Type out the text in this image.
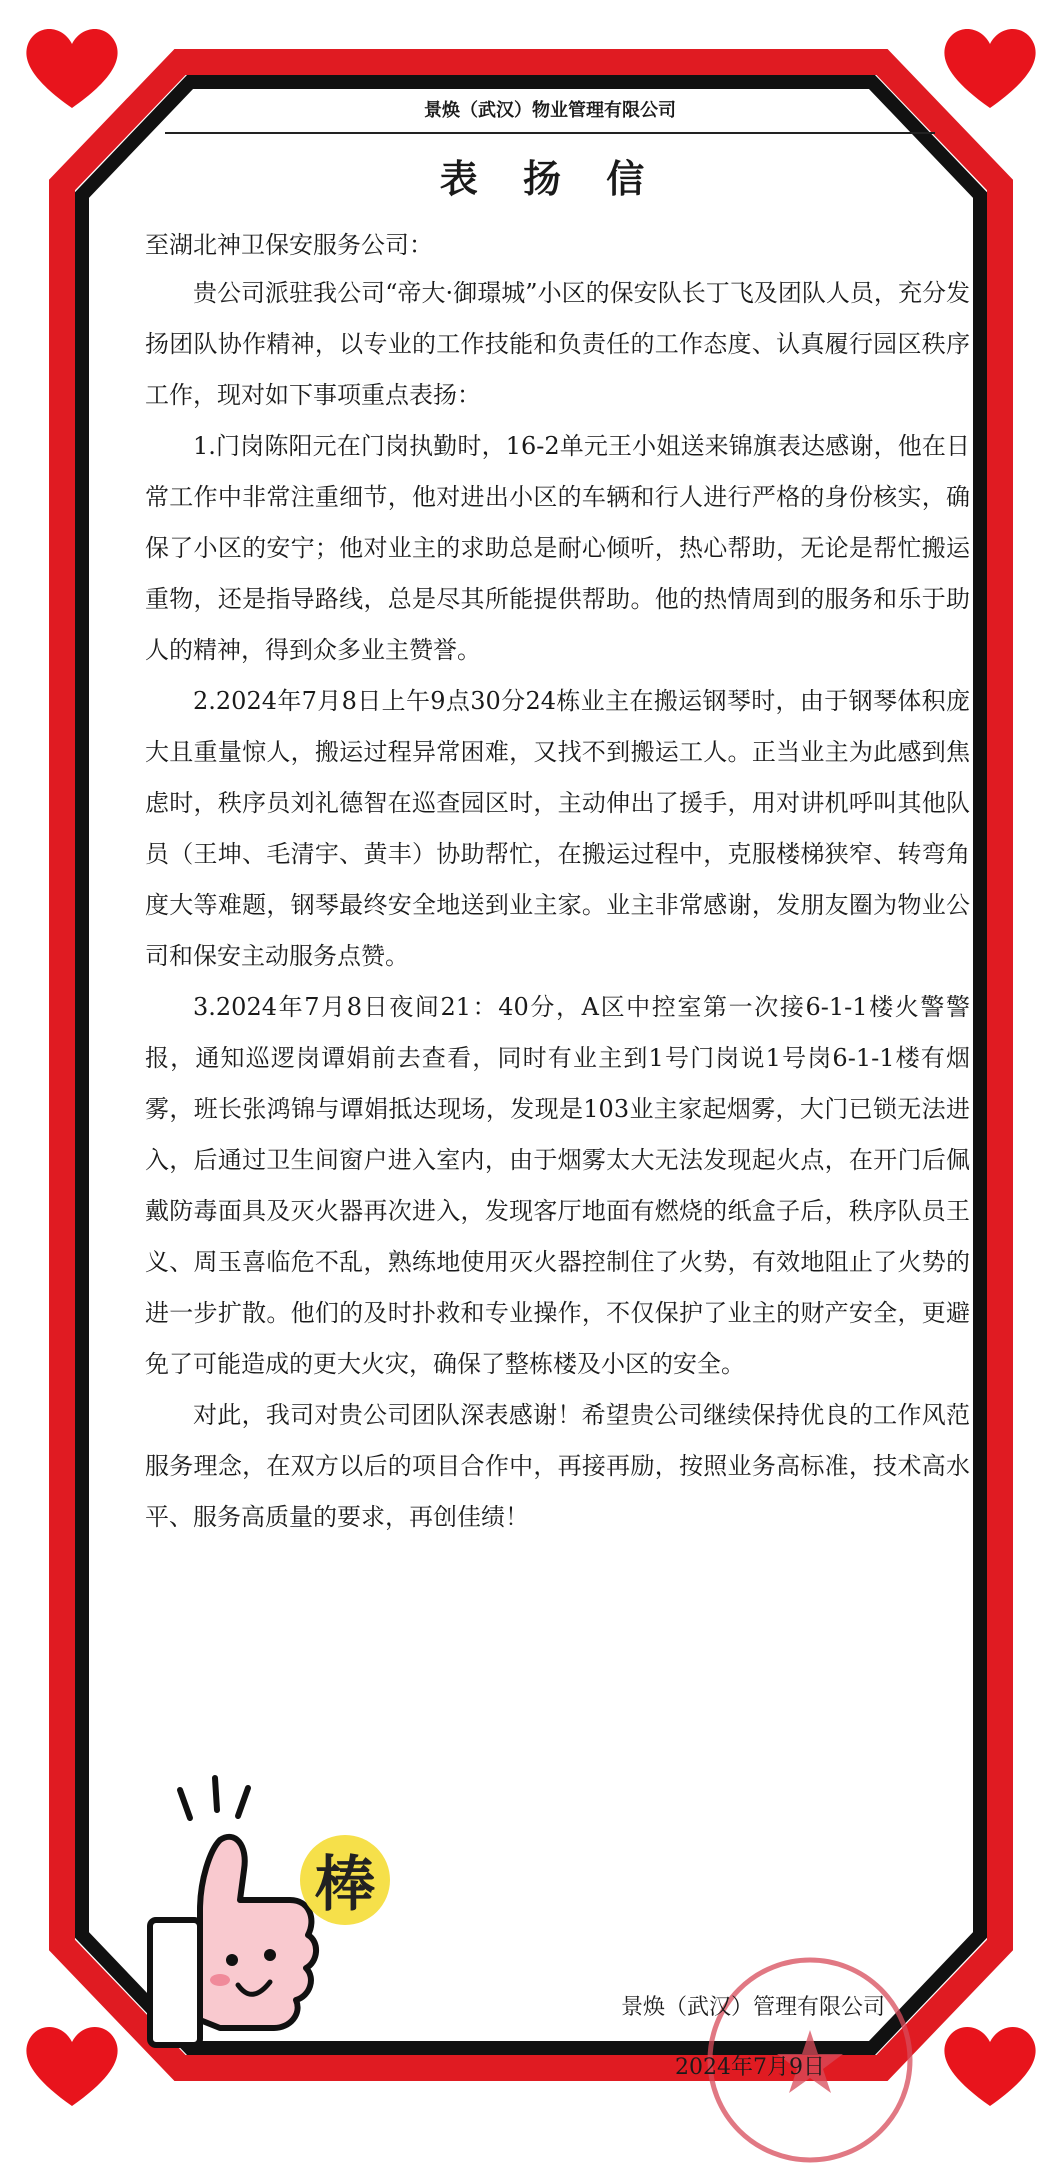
景焕（武汉）物业管理有限公司
表 扬 信
至湖北神卫保安服务公司：

贵公司派驻我公司“帝大·御璟城”小区的保安队长丁飞及团队人员，充分发扬团队协作精神，以专业的工作技能和负责任的工作态度、认真履行园区秩序工作，现对如下事项重点表扬：

1.门岗陈阳元在门岗执勤时，16-2单元王小姐送来锦旗表达感谢，他在日常工作中非常注重细节，他对进出小区的车辆和行人进行严格的身份核实，确保了小区的安宁；他对业主的求助总是耐心倾听，热心帮助，无论是帮忙搬运重物，还是指导路线，总是尽其所能提供帮助。他的热情周到的服务和乐于助人的精神，得到众多业主赞誉。

2.2024年7月8日上午9点30分24栋业主在搬运钢琴时，由于钢琴体积庞大且重量惊人，搬运过程异常困难，又找不到搬运工人。正当业主为此感到焦虑时，秩序员刘礼德智在巡查园区时，主动伸出了援手，用对讲机呼叫其他队员（王坤、毛清宇、黄丰）协助帮忙，在搬运过程中，克服楼梯狭窄、转弯角度大等难题，钢琴最终安全地送到业主家。业主非常感谢，发朋友圈为物业公司和保安主动服务点赞。

3.2024年7月8日夜间21：40分，A区中控室第一次接6-1-1楼火警警报，通知巡逻岗谭娟前去查看，同时有业主到1号门岗说1号岗6-1-1楼有烟雾，班长张鸿锦与谭娟抵达现场，发现是103业主家起烟雾，大门已锁无法进入，后通过卫生间窗户进入室内，由于烟雾太大无法发现起火点，在开门后佩戴防毒面具及灭火器再次进入，发现客厅地面有燃烧的纸盒子后，秩序队员王义、周玉喜临危不乱，熟练地使用灭火器控制住了火势，有效地阻止了火势的进一步扩散。他们的及时扑救和专业操作，不仅保护了业主的财产安全，更避免了可能造成的更大火灾，确保了整栋楼及小区的安全。

对此，我司对贵公司团队深表感谢！希望贵公司继续保持优良的工作风范服务理念，在双方以后的项目合作中，再接再励，按照业务高标准，技术高水平、服务高质量的要求，再创佳绩！

景焕（武汉）管理有限公司
2024年7月9日
棒
